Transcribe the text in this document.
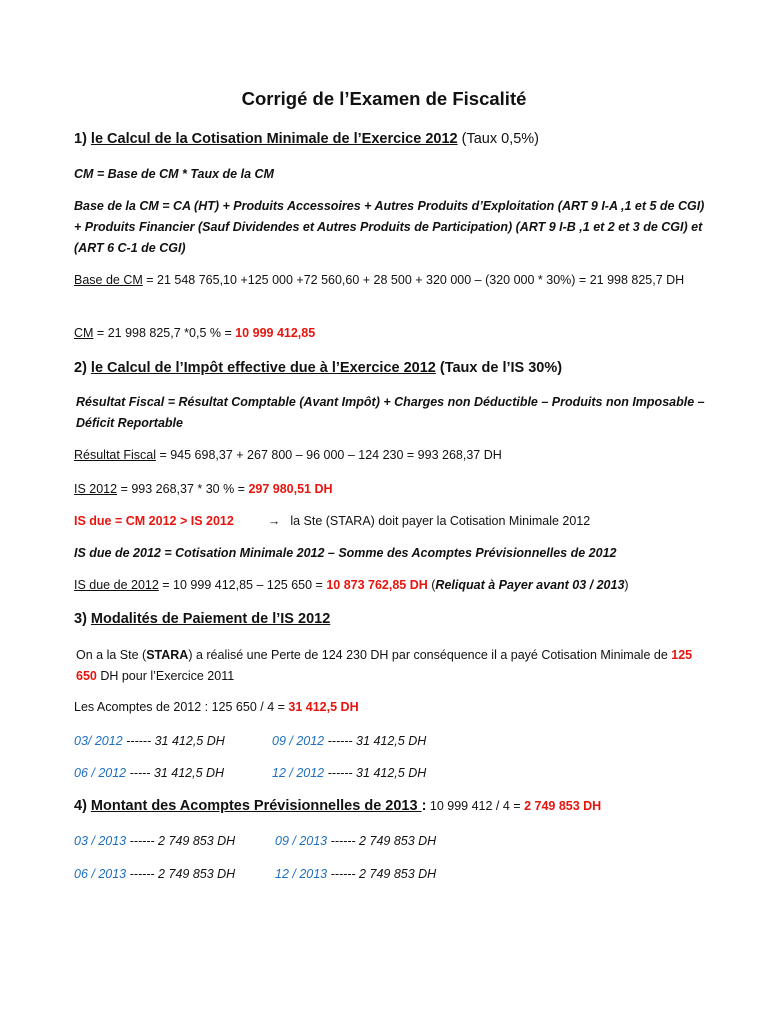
Corrigé de l’Examen de Fiscalité
1) le Calcul de la Cotisation Minimale de l’Exercice 2012 (Taux 0,5%)
CM = Base de CM * Taux de la CM
Base de la CM = CA (HT) + Produits Accessoires + Autres Produits d’Exploitation (ART 9 I-A ,1 et 5 de CGI) + Produits Financier (Sauf Dividendes et Autres Produits de Participation) (ART 9 I-B ,1 et 2 et 3 de CGI) et (ART 6 C-1 de CGI)
Base de CM = 21 548 765,10 +125 000 +72 560,60 + 28 500 + 320 000 – (320 000 * 30%) = 21 998 825,7 DH
CM = 21 998 825,7 *0,5 % = 10 999 412,85
2) le Calcul de l’Impôt effective due à l’Exercice 2012 (Taux de l’IS 30%)
Résultat Fiscal = Résultat Comptable (Avant Impôt) + Charges non Déductible – Produits non Imposable – Déficit Reportable
Résultat Fiscal = 945 698,37 + 267 800 – 96 000 – 124 230 = 993 268,37 DH
IS 2012 = 993 268,37 * 30 % = 297 980,51 DH
IS due = CM 2012 > IS 2012	→ la Ste (STARA) doit payer la Cotisation Minimale 2012
IS due de 2012 = Cotisation Minimale 2012 – Somme des Acomptes Prévisionnelles de 2012
IS due de 2012 = 10 999 412,85 – 125 650 = 10 873 762,85 DH (Reliquat à Payer avant 03 / 2013)
3) Modalités de Paiement de l’IS 2012
On a la Ste (STARA) a réalisé une Perte de 124 230 DH par conséquence il a payé Cotisation Minimale de 125 650 DH pour l’Exercice 2011
Les Acomptes de 2012 : 125 650 / 4 = 31 412,5 DH
03/ 2012 ------ 31 412,5 DH	09 / 2012 ------ 31 412,5 DH
06 / 2012 ----- 31 412,5 DH	12 / 2012 ------ 31 412,5 DH
4) Montant des Acomptes Prévisionnelles de 2013 : 10 999 412 / 4 = 2 749 853 DH
03 / 2013 ------ 2 749 853 DH	09 / 2013 ------ 2 749 853 DH
06 / 2013 ------ 2 749 853 DH	12 / 2013 ------ 2 749 853 DH
